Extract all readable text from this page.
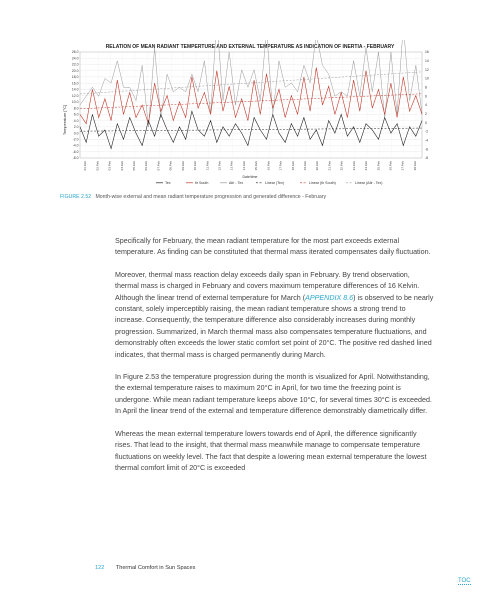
RELATION OF MEAN RADIANT TEMPERTURE AND EXTERNAL TEMPERATURE AS INDICATION OF INERTIA - FEBRUARY
26.0
24.0
22.0
20.0
18.0
16.0
14.0
12.0
10.0
8.0
6.0
4.0
2.0
0.0
-2.0
-4.0
-6.0
-8.0
16
14
12
10
8
6
4
2
0
-2
-4
-6
-8
01.Feb	02.Feb	03.Feb	04.Feb	05.Feb	06.Feb	07.Feb	08.Feb	09.Feb	10.Feb	11.Feb	12.Feb	13.Feb	14.Feb	15.Feb	16.Feb	17.Feb	18.Feb	19.Feb	20.Feb	21.Feb	22.Feb	23.Feb	24.Feb	25.Feb	26.Feb	27.Feb	28.Feb
Temperature [°C]
Date/time
Tex	tlr South	Δtlr - Tex	Linear (Tex)	Linear (tlr South)	Linear (Δtlr - Tex)
FIGURE 2.52 Month-wise external and mean radiant temperature progression and generated difference - February

Specifically for February, the mean radiant temperature for the most part exceeds external temperature. As finding can be constituted that thermal mass iterated compensates daily fluctuation.

Moreover, thermal mass reaction delay exceeds daily span in February. By trend observation, thermal mass is charged in February and covers maximum temperature differences of 16 Kelvin. Although the linear trend of external temperature for March (APPENDIX 8.6) is observed to be nearly constant, solely imperceptibly raising, the mean radiant temperature shows a strong trend to increase. Consequently, the temperature difference also considerably increases during monthly progression. Summarized, in March thermal mass also compensates temperature fluctuations, and demonstrably often exceeds the lower static comfort set point of 20°C. The positive red dashed lined indicates, that thermal mass is charged permanently during March.

In Figure 2.53 the temperature progression during the month is visualized for April. Notwithstanding, the external temperature raises to maximum 20°C in April, for two time the freezing point is undergone. While mean radiant temperature keeps above 10°C, for several times 30°C is exceeded. In April the linear trend of the external and temperature difference demonstrably diametrically differ.

Whereas the mean external temperature lowers towards end of April, the difference significantly rises. That lead to the insight, that thermal mass meanwhile manage to compensate temperature fluctuations on weekly level. The fact that despite a lowering mean external temperature the lowest thermal comfort limit of 20°C is exceeded

122 Thermal Comfort in Sun Spaces
TOC
